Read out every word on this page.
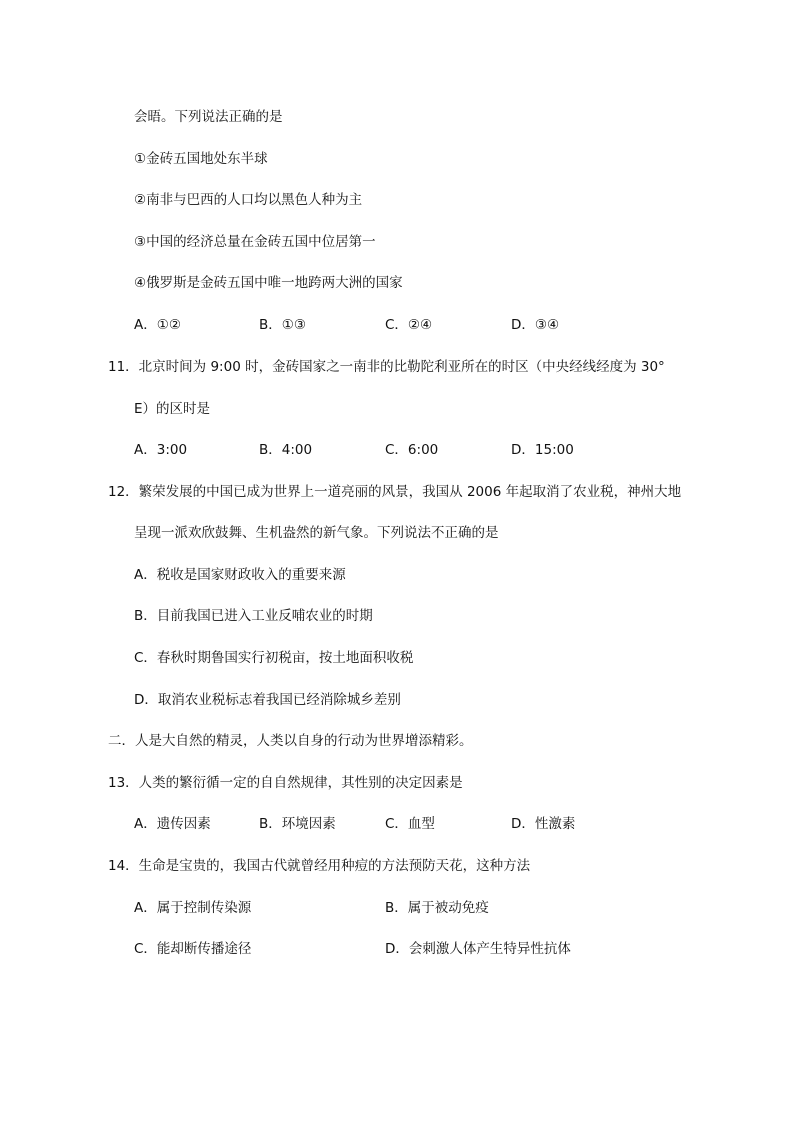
会晤。下列说法正确的是
①金砖五国地处东半球
②南非与巴西的人口均以黑色人种为主
③中国的经济总量在金砖五国中位居第一
④俄罗斯是金砖五国中唯一地跨两大洲的国家
A．①②	B．①③	C．②④	D．③④
11．北京时间为 9:00 时，金砖国家之一南非的比勒陀利亚所在的时区（中央经线经度为 30°
E）的区时是
A．3:00	B．4:00	C．6:00	D．15:00
12．繁荣发展的中国已成为世界上一道亮丽的风景，我国从 2006 年起取消了农业税，神州大地
呈现一派欢欣鼓舞、生机盎然的新气象。下列说法不正确的是
A．税收是国家财政收入的重要来源
B．目前我国已进入工业反哺农业的时期
C．春秋时期鲁国实行初税亩，按土地面积收税
D．取消农业税标志着我国已经消除城乡差别
二．人是大自然的精灵，人类以自身的行动为世界增添精彩。
13．人类的繁衍循一定的自自然规律，其性别的决定因素是
A．遗传因素	B．环境因素	C．血型	D．性激素
14．生命是宝贵的，我国古代就曾经用种痘的方法预防天花，这种方法
A．属于控制传染源	B．属于被动免疫
C．能却断传播途径	D．会刺激人体产生特异性抗体
